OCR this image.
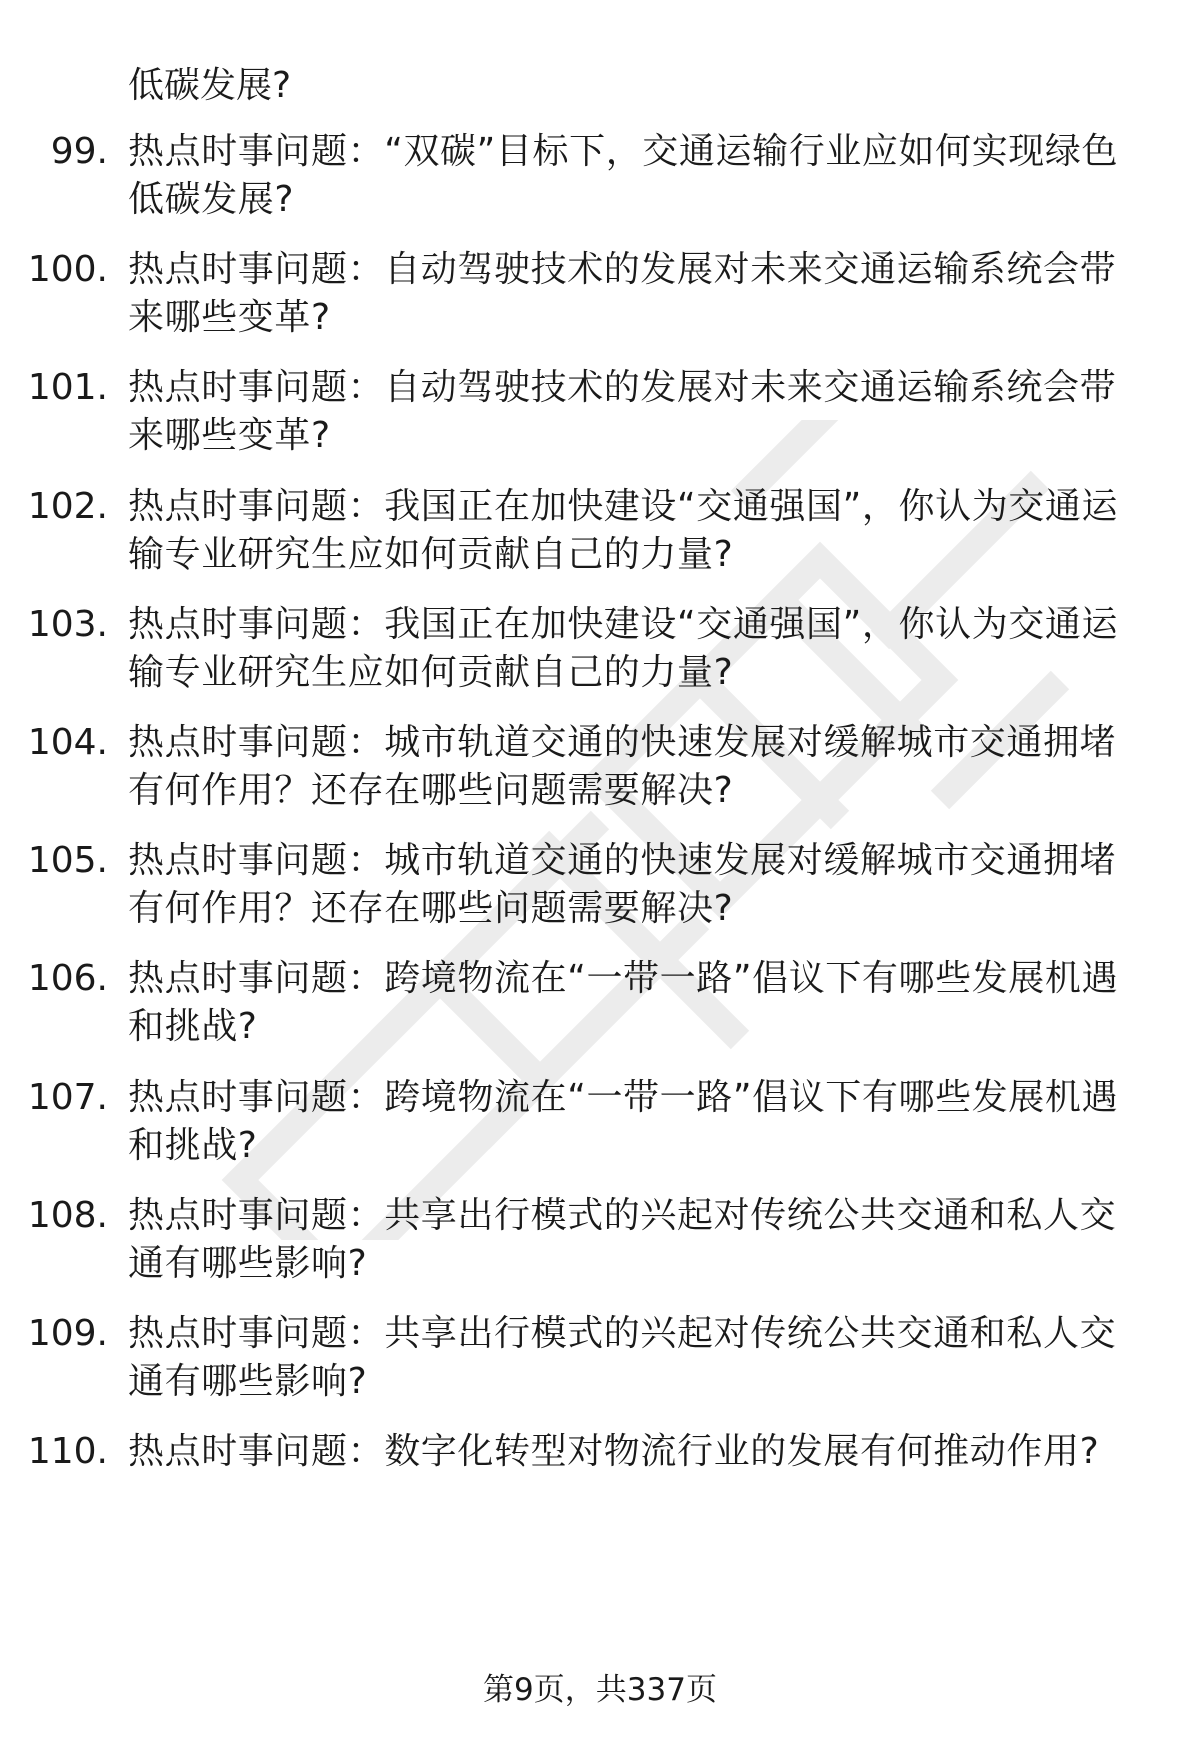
低碳发展?
99. 热点时事问题：“双碳”目标下，交通运输行业应如何实现绿色低碳发展?
100. 热点时事问题：自动驾驶技术的发展对未来交通运输系统会带来哪些变革?
101. 热点时事问题：自动驾驶技术的发展对未来交通运输系统会带来哪些变革?
102. 热点时事问题：我国正在加快建设“交通强国”，你认为交通运输专业研究生应如何贡献自己的力量?
103. 热点时事问题：我国正在加快建设“交通强国”，你认为交通运输专业研究生应如何贡献自己的力量?
104. 热点时事问题：城市轨道交通的快速发展对缓解城市交通拥堵有何作用？还存在哪些问题需要解决?
105. 热点时事问题：城市轨道交通的快速发展对缓解城市交通拥堵有何作用？还存在哪些问题需要解决?
106. 热点时事问题：跨境物流在“一带一路”倡议下有哪些发展机遇和挑战?
107. 热点时事问题：跨境物流在“一带一路”倡议下有哪些发展机遇和挑战?
108. 热点时事问题：共享出行模式的兴起对传统公共交通和私人交通有哪些影响?
109. 热点时事问题：共享出行模式的兴起对传统公共交通和私人交通有哪些影响?
110. 热点时事问题：数字化转型对物流行业的发展有何推动作用?
第9页，共337页
